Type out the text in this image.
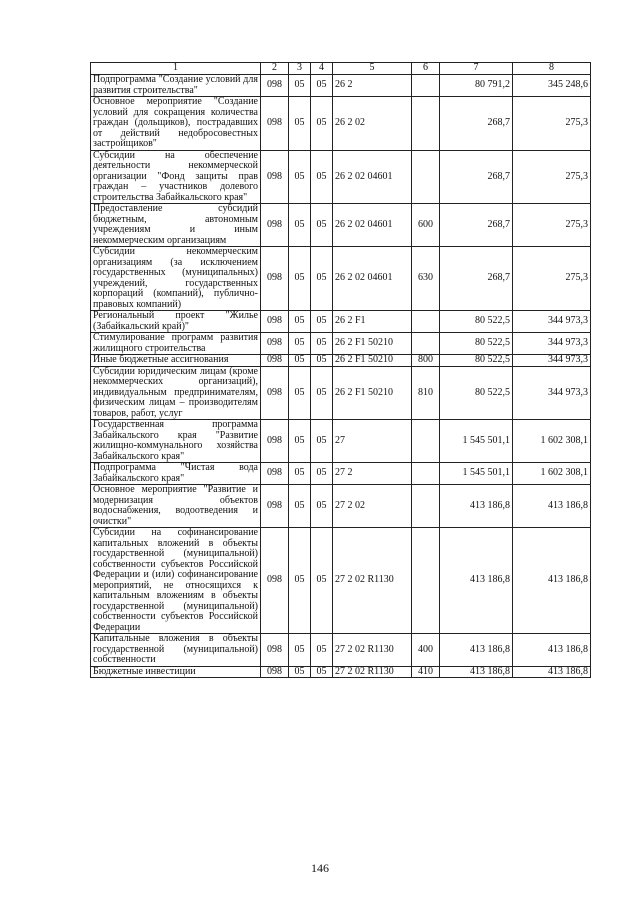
1	2	3	4	5	6	7	8
Подпрограмма "Создание условий для развития строительства"	098	05	05	26 2		80 791,2	345 248,6
Основное мероприятие "Создание условий для сокращения количества граждан (дольщиков), пострадавших от действий недобросовестных застройщиков"	098	05	05	26 2 02		268,7	275,3
Субсидии на обеспечение деятельности некоммерческой организации "Фонд защиты прав граждан – участников долевого строительства Забайкальского края"	098	05	05	26 2 02 04601		268,7	275,3
Предоставление субсидий бюджетным, автономным учреждениям и иным некоммерческим организациям	098	05	05	26 2 02 04601	600	268,7	275,3
Субсидии некоммерческим организациям (за исключением государственных (муниципальных) учреждений, государственных корпораций (компаний), публично-правовых компаний)	098	05	05	26 2 02 04601	630	268,7	275,3
Региональный проект "Жилье (Забайкальский край)"	098	05	05	26 2 F1		80 522,5	344 973,3
Стимулирование программ развития жилищного строительства	098	05	05	26 2 F1 50210		80 522,5	344 973,3
Иные бюджетные ассигнования	098	05	05	26 2 F1 50210	800	80 522,5	344 973,3
Субсидии юридическим лицам (кроме некоммерческих организаций), индивидуальным предпринимателям, физическим лицам – производителям товаров, работ, услуг	098	05	05	26 2 F1 50210	810	80 522,5	344 973,3
Государственная программа Забайкальского края "Развитие жилищно-коммунального хозяйства Забайкальского края"	098	05	05	27		1 545 501,1	1 602 308,1
Подпрограмма "Чистая вода Забайкальского края"	098	05	05	27 2		1 545 501,1	1 602 308,1
Основное мероприятие "Развитие и модернизация объектов водоснабжения, водоотведения и очистки"	098	05	05	27 2 02		413 186,8	413 186,8
Субсидии на софинансирование капитальных вложений в объекты государственной (муниципальной) собственности субъектов Российской Федерации и (или) софинансирование мероприятий, не относящихся к капитальным вложениям в объекты государственной (муниципальной) собственности субъектов Российской Федерации	098	05	05	27 2 02 R1130		413 186,8	413 186,8
Капитальные вложения в объекты государственной (муниципальной) собственности	098	05	05	27 2 02 R1130	400	413 186,8	413 186,8
Бюджетные инвестиции	098	05	05	27 2 02 R1130	410	413 186,8	413 186,8
146
